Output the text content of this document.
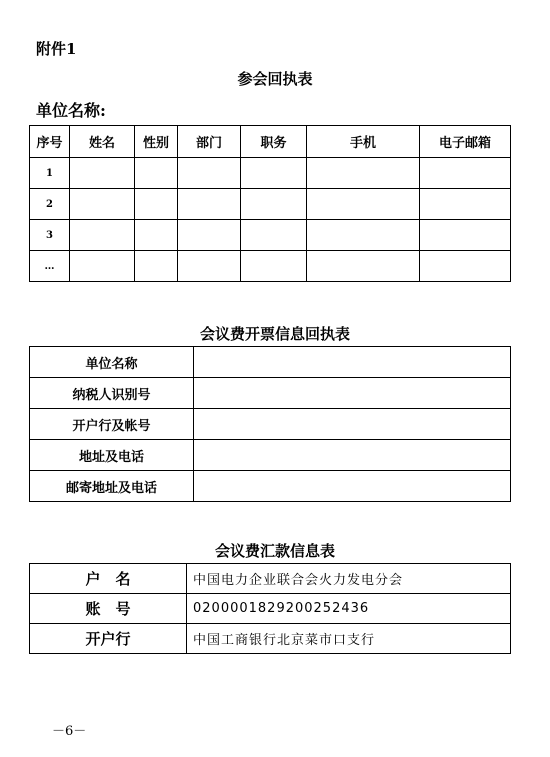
附件1
参会回执表
单位名称:
序号	姓名	性别	部门	职务	手机	电子邮箱
1						
2						
3						
…						
会议费开票信息回执表
单位名称	
纳税人识别号	
开户行及帐号	
地址及电话	
邮寄地址及电话	
会议费汇款信息表
户　名	中国电力企业联合会火力发电分会
账　号	0200001829200252436
开户行	中国工商银行北京菜市口支行
－6－
